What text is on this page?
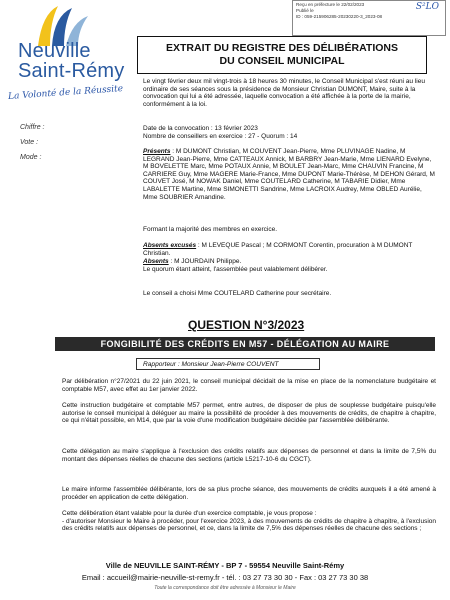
Reçu en préfecture le 22/02/2023
Publié le
ID : 059-215906285-20230220-3_2023-08
S²LO
Neuville
Saint-Rémy
La Volonté de la Réussite
Chiffre :
Vote :
Mode :
EXTRAIT DU REGISTRE DES DÉLIBÉRATIONS
DU CONSEIL MUNICIPAL
Le vingt février deux mil vingt-trois à 18 heures 30 minutes, le Conseil Municipal s'est réuni au lieu ordinaire de ses séances sous la présidence de Monsieur Christian DUMONT, Maire, suite à la convocation qui lui a été adressée, laquelle convocation a été affichée à la porte de la mairie, conformément à la loi.
Date de la convocation : 13 février 2023
Nombre de conseillers en exercice : 27 - Quorum : 14
Présents : M DUMONT Christian, M COUVENT Jean-Pierre, Mme PLUVINAGE Nadine, M LEGRAND Jean-Pierre, Mme CATTEAUX Annick, M BARBRY Jean-Marie, Mme LIENARD Evelyne, M BOVELETTE Marc, Mme POTAUX Annie, M BOULET Jean-Marc, Mme CHAUVIN Francine, M CARRIERE Guy, Mme MAGERE Marie-France, Mme DUPONT Marie-Thérèse, M DEHON Gérard, M COUVET José, M NOWAK Daniel, Mme COUTELARD Catherine, M TABARIE Didier, Mme LABALETTE Martine, Mme SIMONETTI Sandrine, Mme LACROIX Audrey, Mme OBLED Aurélie, Mme SOUBRIER Amandine.
Formant la majorité des membres en exercice.
Absents excusés : M LEVEQUE Pascal ; M CORMONT Corentin, procuration à M DUMONT Christian.
Absents : M JOURDAIN Philippe.
Le quorum étant atteint, l'assemblée peut valablement délibérer.
Le conseil a choisi Mme COUTELARD Catherine pour secrétaire.
QUESTION N°3/2023
FONGIBILITÉ DES CRÉDITS EN M57 - DÉLÉGATION AU MAIRE
Rapporteur : Monsieur Jean-Pierre COUVENT
Par délibération n°27/2021 du 22 juin 2021, le conseil municipal décidait de la mise en place de la nomenclature budgétaire et comptable M57, avec effet au 1er janvier 2022.
Cette instruction budgétaire et comptable M57 permet, entre autres, de disposer de plus de souplesse budgétaire puisqu'elle autorise le conseil municipal à déléguer au maire la possibilité de procéder à des mouvements de crédits, de chapitre à chapitre, ce qui n'était possible, en M14, que par la voie d'une modification budgétaire décidée par l'assemblée délibérante.
Cette délégation au maire s'applique à l'exclusion des crédits relatifs aux dépenses de personnel et dans la limite de 7,5% du montant des dépenses réelles de chacune des sections (article L5217-10-6 du CGCT).
Le maire informe l'assemblée délibérante, lors de sa plus proche séance, des mouvements de crédits auxquels il a été amené à procéder en application de cette délégation.
Cette délibération étant valable pour la durée d'un exercice comptable, je vous propose :
- d'autoriser Monsieur le Maire à procéder, pour l'exercice 2023, à des mouvements de crédits de chapitre à chapitre, à l'exclusion des crédits relatifs aux dépenses de personnel, et ce, dans la limite de 7,5% des dépenses réelles de chacune des sections ;
Ville de NEUVILLE SAINT-RÉMY - BP 7 - 59554 Neuville Saint-Rémy
Email : accueil@mairie-neuville-st-remy.fr - tél. : 03 27 73 30 30 - Fax : 03 27 73 30 38
Toute la correspondance doit être adressée à Monsieur le Maire
